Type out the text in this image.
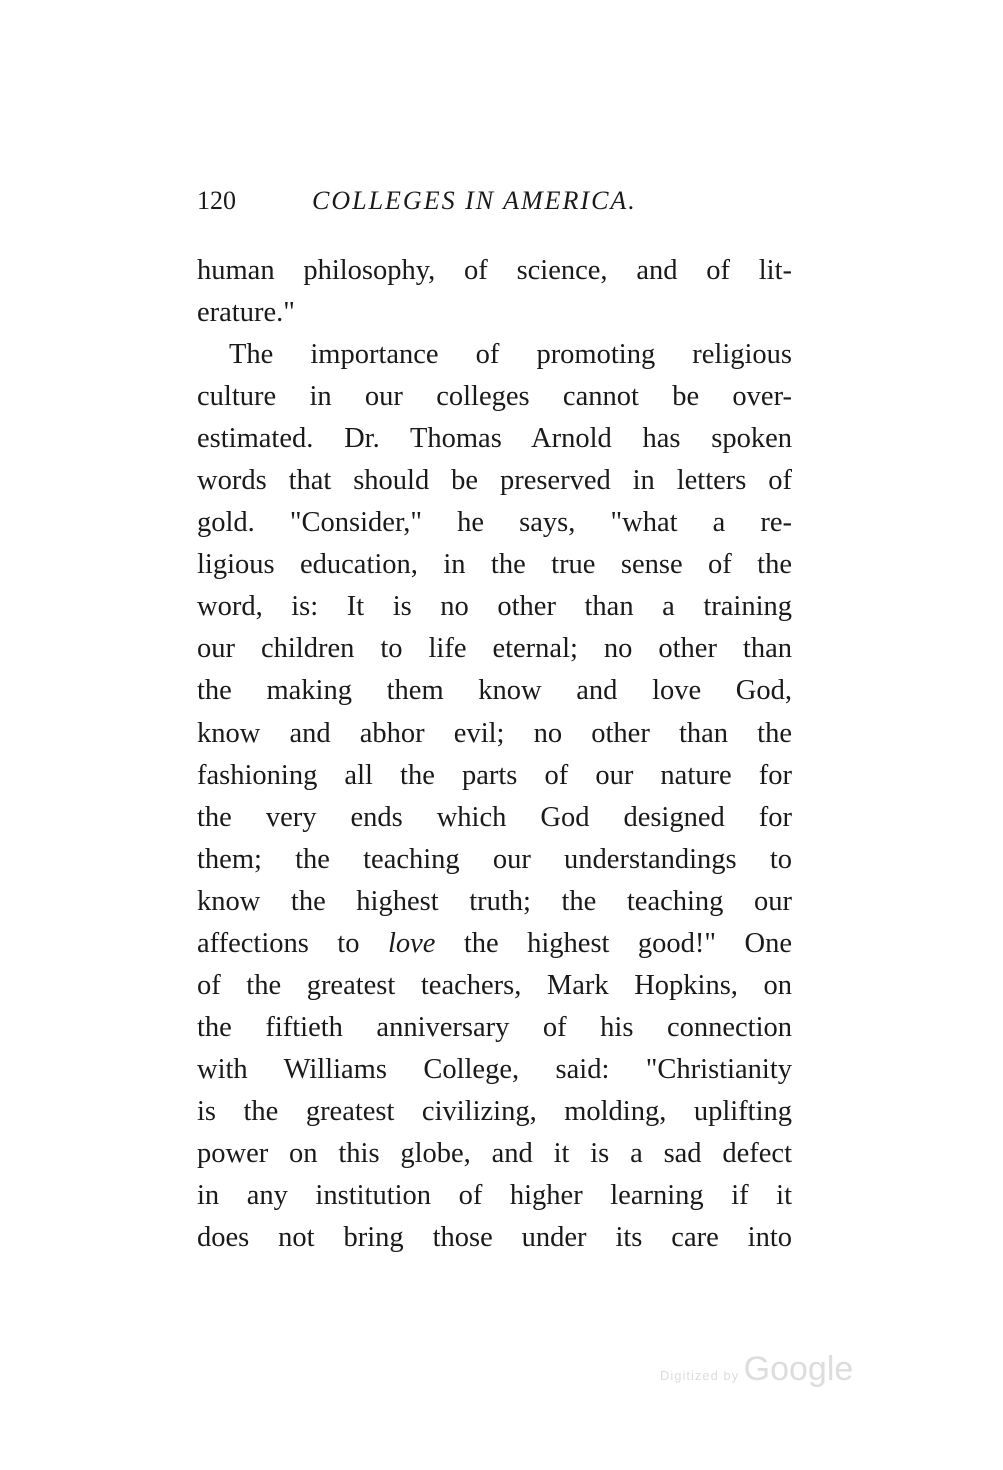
120	COLLEGES IN AMERICA.
human philosophy, of science, and of lit-
erature."
The importance of promoting religious
culture in our colleges cannot be over-
estimated. Dr. Thomas Arnold has spoken
words that should be preserved in letters of
gold. "Consider," he says, "what a re-
ligious education, in the true sense of the
word, is: It is no other than a training
our children to life eternal; no other than
the making them know and love God,
know and abhor evil; no other than the
fashioning all the parts of our nature for
the very ends which God designed for
them; the teaching our understandings to
know the highest truth; the teaching our
affections to love the highest good!" One
of the greatest teachers, Mark Hopkins, on
the fiftieth anniversary of his connection
with Williams College, said: "Christianity
is the greatest civilizing, molding, uplifting
power on this globe, and it is a sad defect
in any institution of higher learning if it
does not bring those under its care into
Digitized by Google
